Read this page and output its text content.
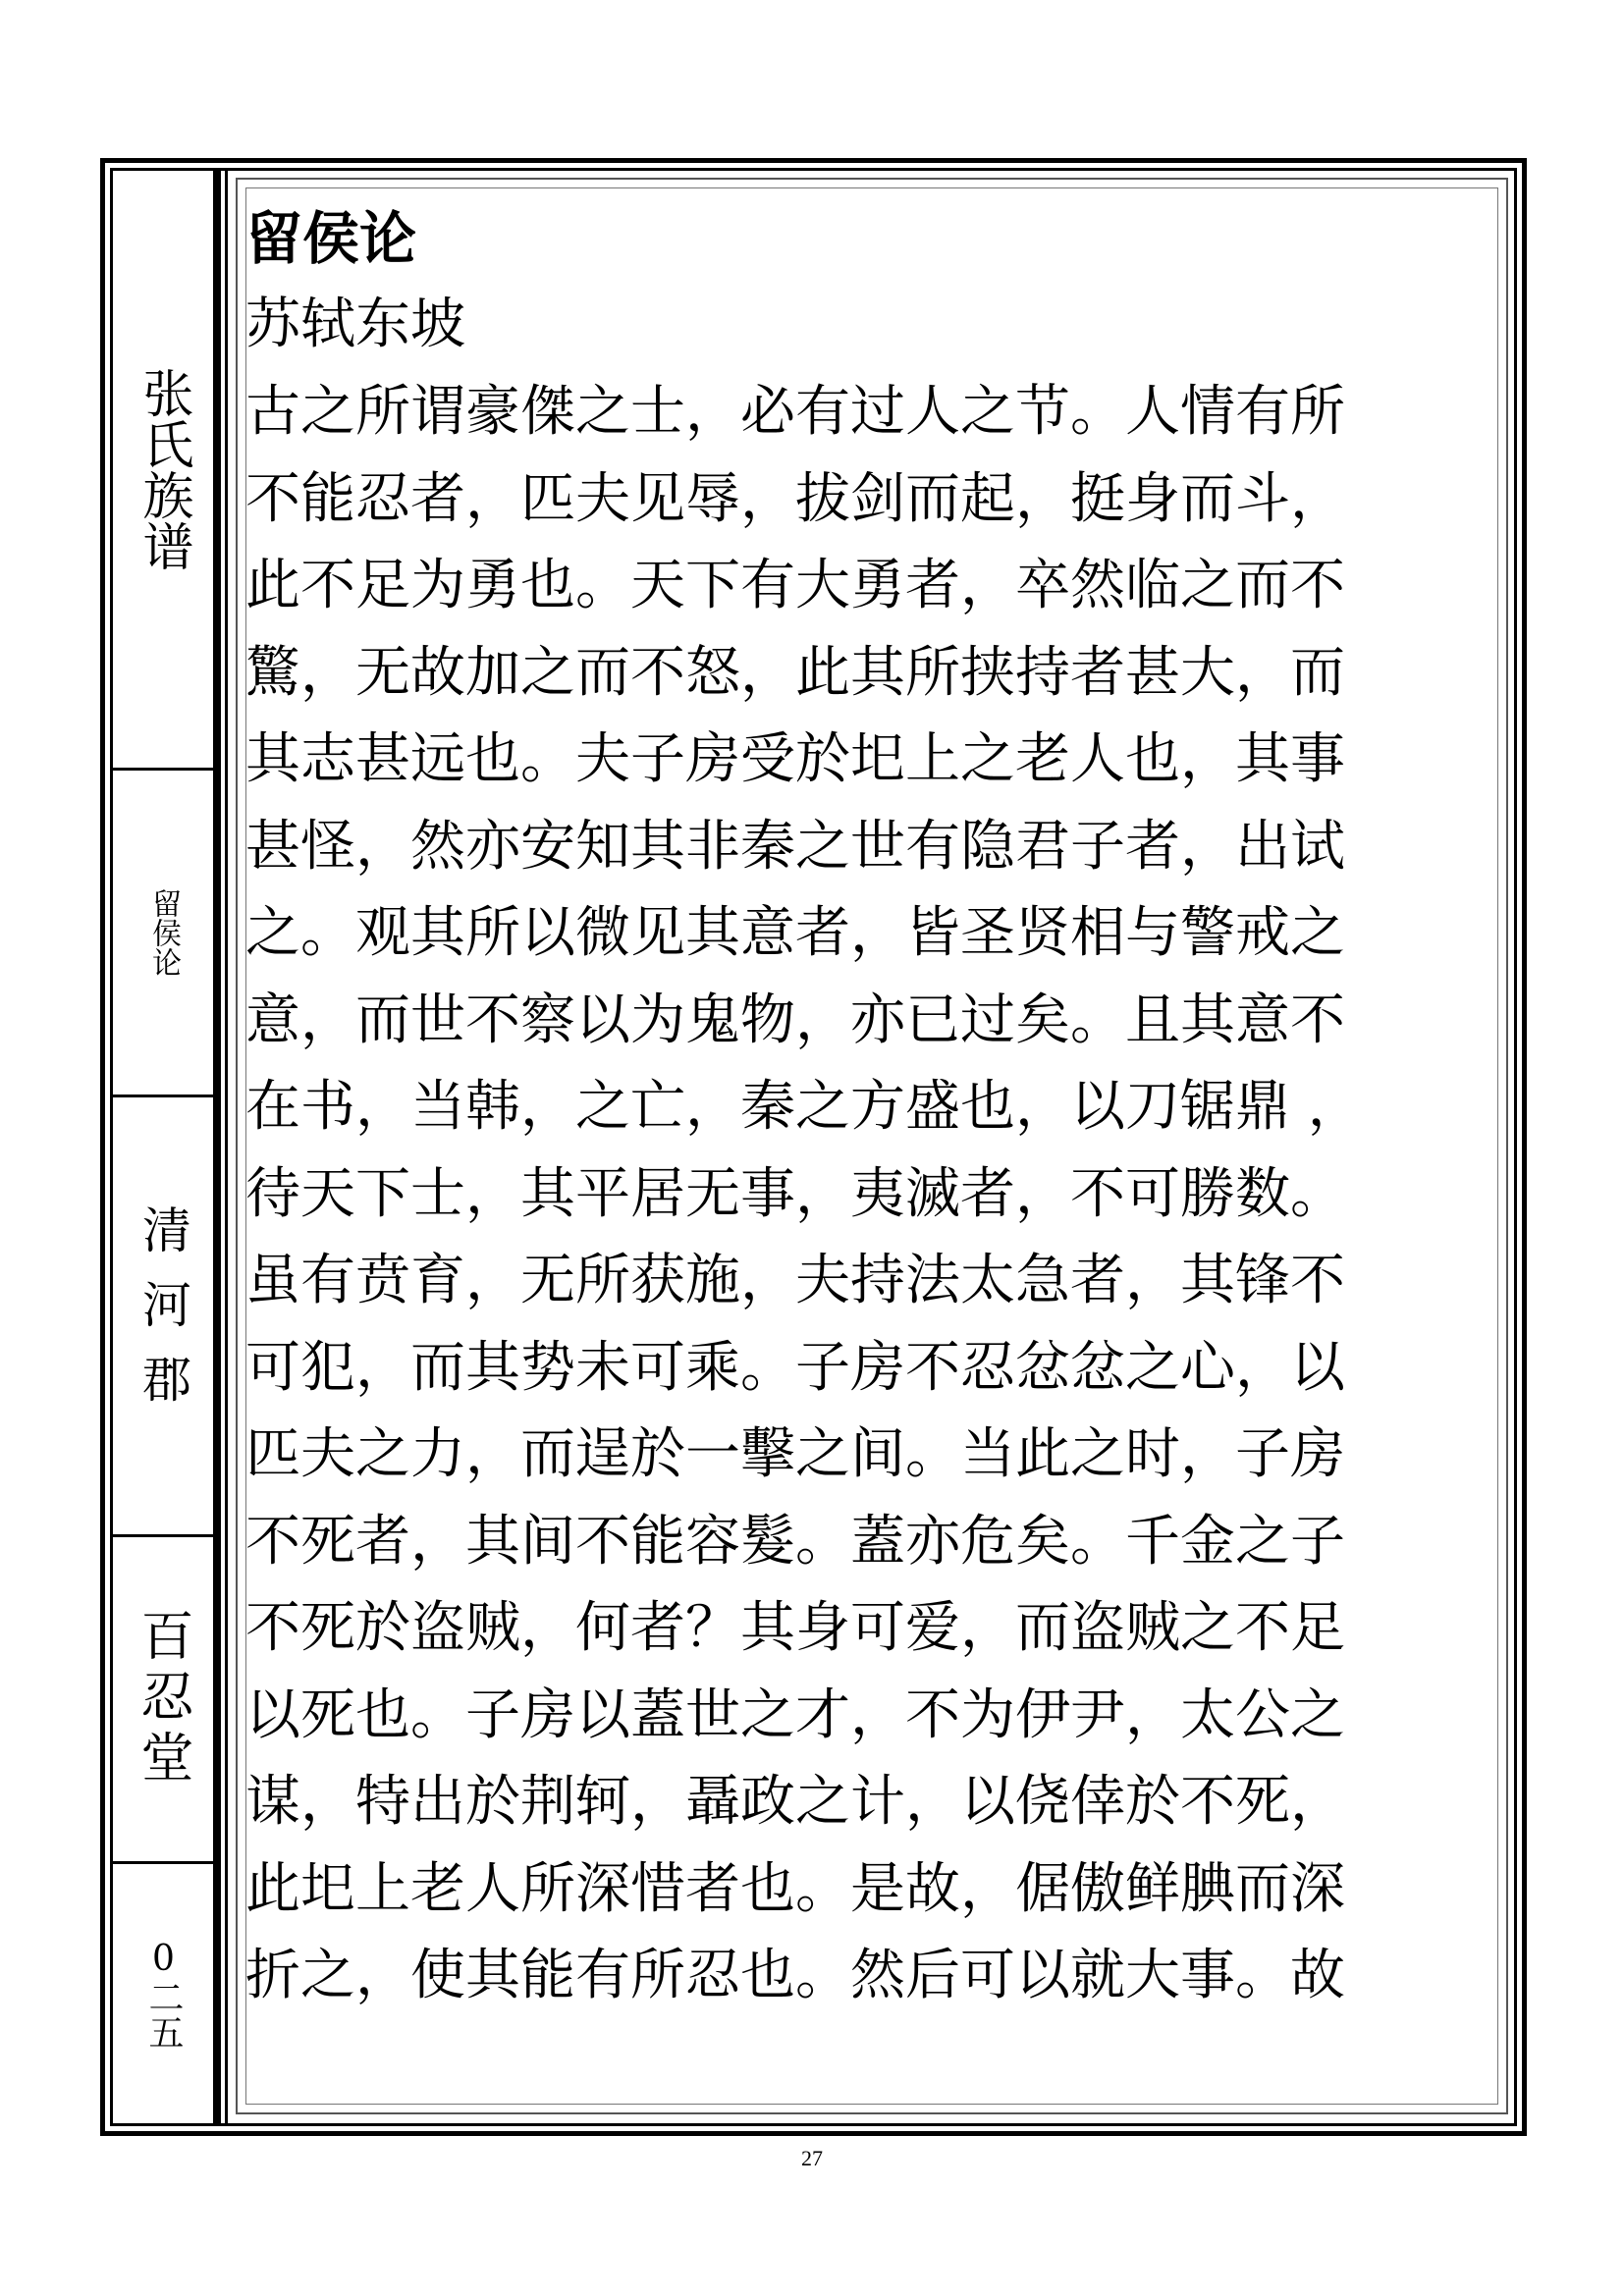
张氏族谱
留侯论
清河郡
百忍堂
0二五
留侯论
苏轼东坡
古之所谓豪傑之士，必有过人之节。人情有所
不能忍者，匹夫见辱，拔剑而起，挺身而斗，
此不足为勇也。天下有大勇者，卒然临之而不
驚，无故加之而不怒，此其所挟持者甚大，而
其志甚远也。夫子房受於圯上之老人也，其事
甚怪，然亦安知其非秦之世有隐君子者，出试
之。观其所以微见其意者，皆圣贤相与警戒之
意，而世不察以为鬼物，亦已过矣。且其意不
在书，当韩，之亡，秦之方盛也，以刀锯鼎 ，
待天下士，其平居无事，夷滅者，不可勝数。
虽有贲育，无所获施，夫持法太急者，其锋不
可犯，而其势未可乘。子房不忍忿忿之心，以
匹夫之力，而逞於一擊之间。当此之时，子房
不死者，其间不能容髮。蓋亦危矣。千金之子
不死於盗贼，何者？其身可爱，而盗贼之不足
以死也。子房以蓋世之才，不为伊尹，太公之
谋，特出於荆轲，聶政之计，以侥倖於不死，
此圯上老人所深惜者也。是故，倨傲鲜腆而深
折之，使其能有所忍也。然后可以就大事。故
27
